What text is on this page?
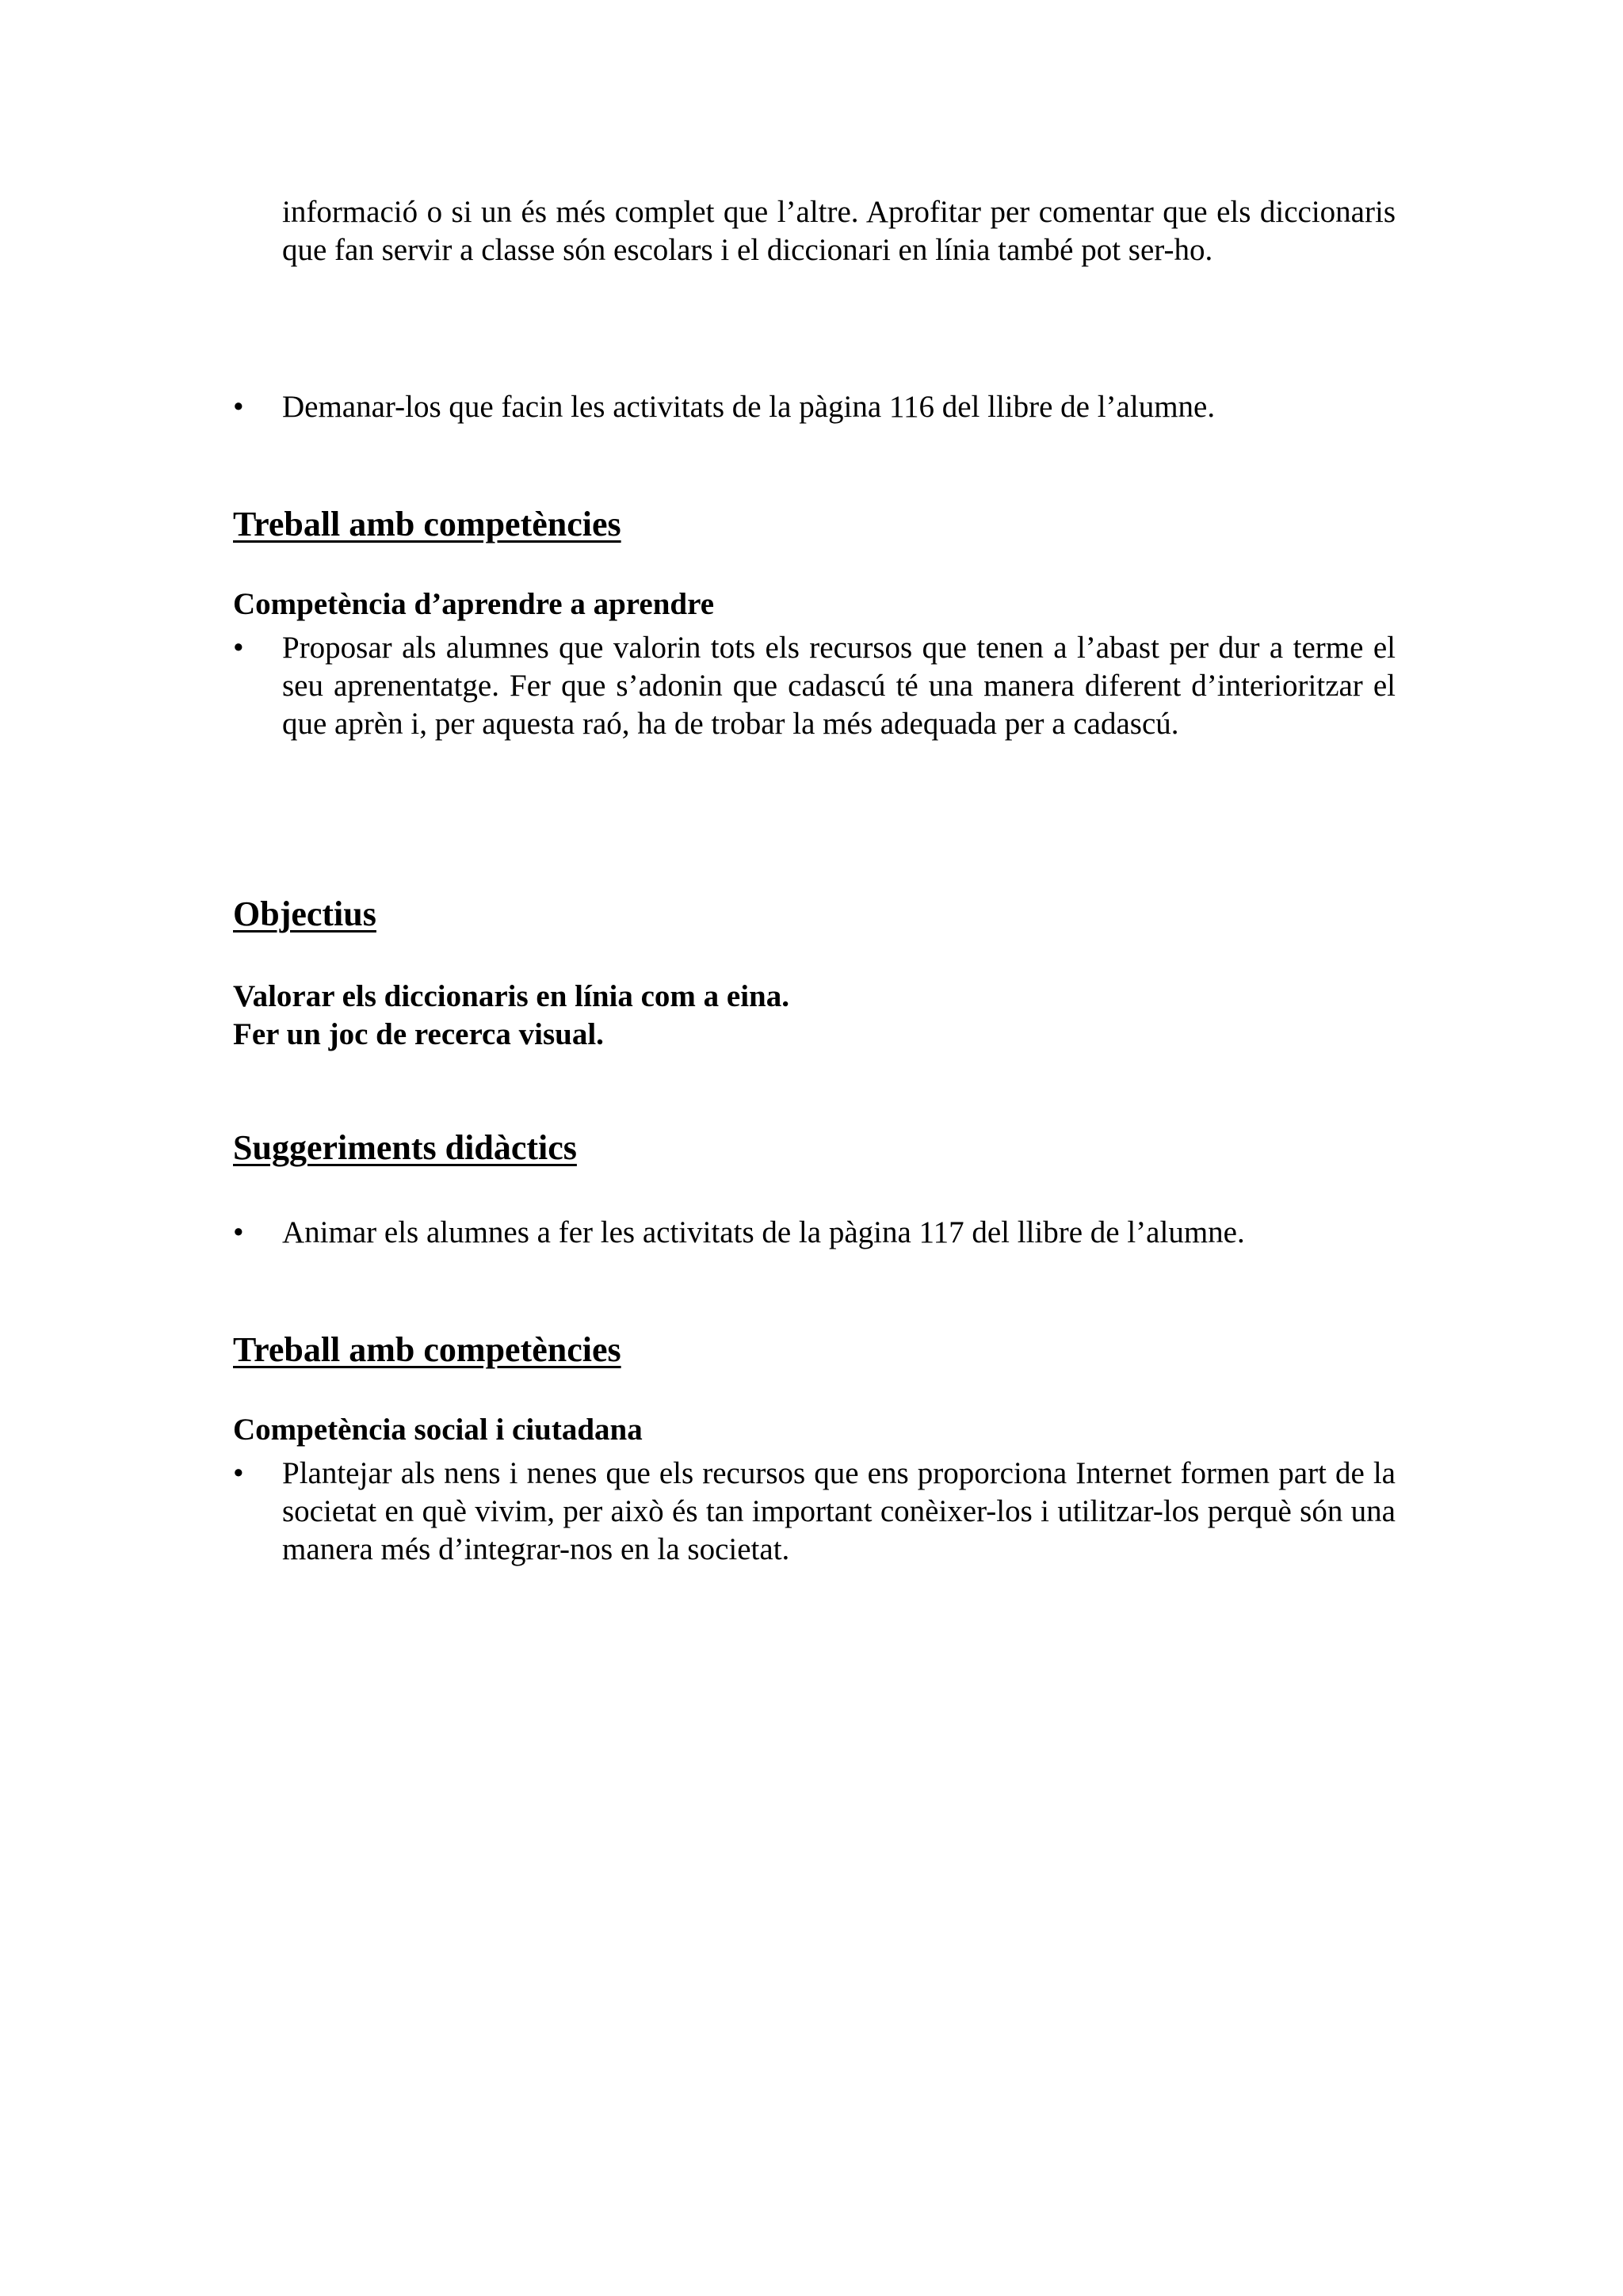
informació o si un és més complet que l’altre. Aprofitar per comentar que els diccionaris que fan servir a classe són escolars i el diccionari en línia també pot ser-ho.
•	Demanar-los que facin les activitats de la pàgina 116 del llibre de l’alumne.
Treball amb competències
Competència d’aprendre a aprendre
•	Proposar als alumnes que valorin tots els recursos que tenen a l’abast per dur a terme el seu aprenentatge. Fer que s’adonin que cadascú té una manera diferent d’interioritzar el que aprèn i, per aquesta raó, ha de trobar la més adequada per a cadascú.
Objectius
Valorar els diccionaris en línia com a eina.
Fer un joc de recerca visual.
Suggeriments didàctics
•	Animar els alumnes a fer les activitats de la pàgina 117 del llibre de l’alumne.
Treball amb competències
Competència social i ciutadana
•	Plantejar als nens i nenes que els recursos que ens proporciona Internet formen part de la societat en què vivim, per això és tan important conèixer-los i utilitzar-los perquè són una manera més d’integrar-nos en la societat.
